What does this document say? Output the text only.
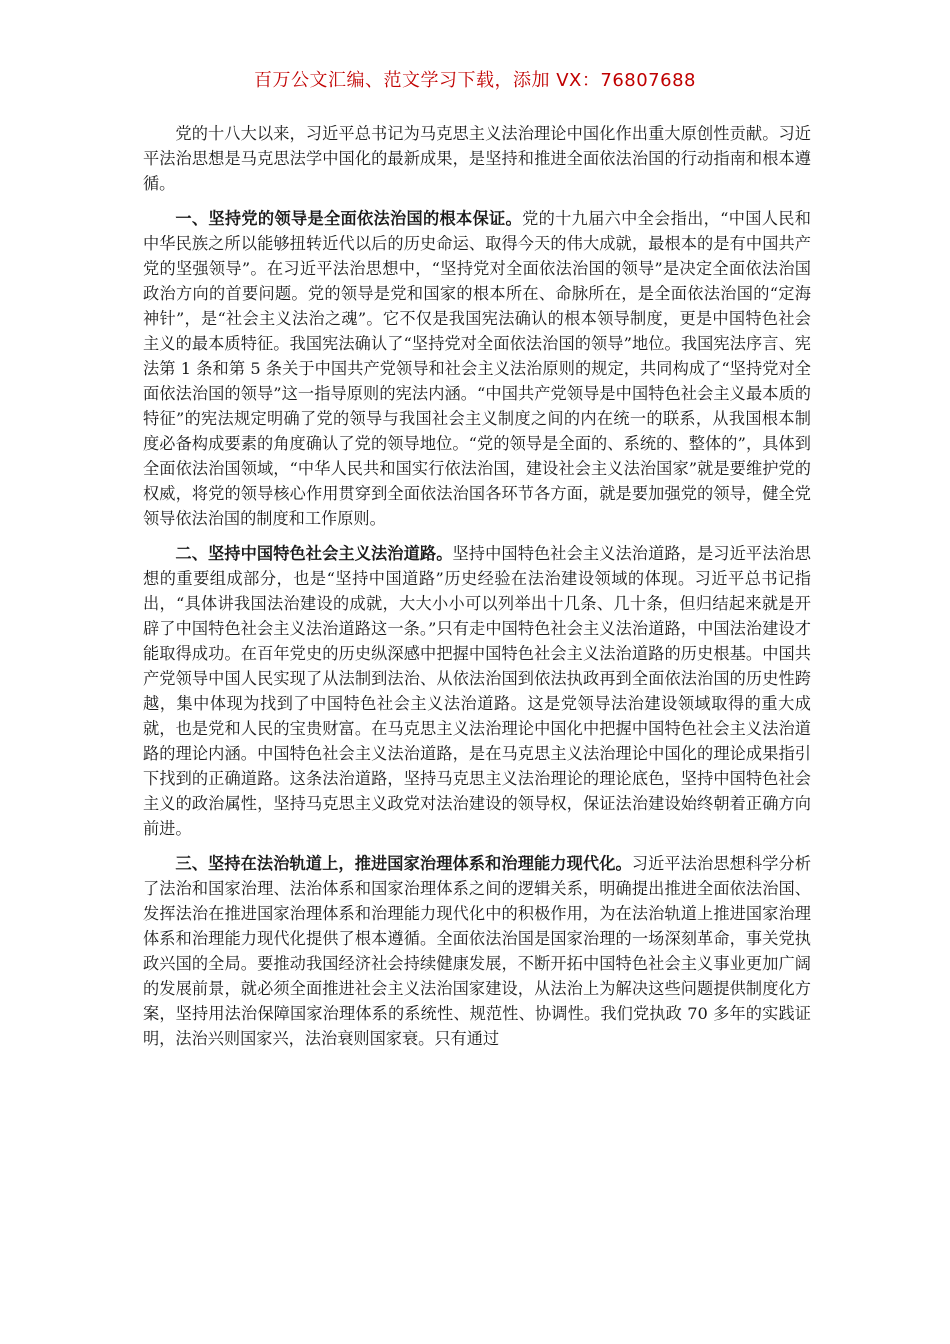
百万公文汇编、范文学习下载，添加 VX：76807688

党的十八大以来，习近平总书记为马克思主义法治理论中国化作出重大原创性贡献。习近平法治思想是马克思法学中国化的最新成果，是坚持和推进全面依法治国的行动指南和根本遵循。

一、坚持党的领导是全面依法治国的根本保证。党的十九届六中全会指出，“中国人民和中华民族之所以能够扭转近代以后的历史命运、取得今天的伟大成就，最根本的是有中国共产党的坚强领导”。在习近平法治思想中，“坚持党对全面依法治国的领导”是决定全面依法治国政治方向的首要问题。党的领导是党和国家的根本所在、命脉所在，是全面依法治国的“定海神针”，是“社会主义法治之魂”。它不仅是我国宪法确认的根本领导制度，更是中国特色社会主义的最本质特征。我国宪法确认了“坚持党对全面依法治国的领导”地位。我国宪法序言、宪法第 1 条和第 5 条关于中国共产党领导和社会主义法治原则的规定，共同构成了“坚持党对全面依法治国的领导”这一指导原则的宪法内涵。“中国共产党领导是中国特色社会主义最本质的特征”的宪法规定明确了党的领导与我国社会主义制度之间的内在统一的联系，从我国根本制度必备构成要素的角度确认了党的领导地位。“党的领导是全面的、系统的、整体的”，具体到全面依法治国领域，“中华人民共和国实行依法治国，建设社会主义法治国家”就是要维护党的权威，将党的领导核心作用贯穿到全面依法治国各环节各方面，就是要加强党的领导，健全党领导依法治国的制度和工作原则。

二、坚持中国特色社会主义法治道路。坚持中国特色社会主义法治道路，是习近平法治思想的重要组成部分，也是“坚持中国道路”历史经验在法治建设领域的体现。习近平总书记指出，“具体讲我国法治建设的成就，大大小小可以列举出十几条、几十条，但归结起来就是开辟了中国特色社会主义法治道路这一条。”只有走中国特色社会主义法治道路，中国法治建设才能取得成功。在百年党史的历史纵深感中把握中国特色社会主义法治道路的历史根基。中国共产党领导中国人民实现了从法制到法治、从依法治国到依法执政再到全面依法治国的历史性跨越，集中体现为找到了中国特色社会主义法治道路。这是党领导法治建设领域取得的重大成就，也是党和人民的宝贵财富。在马克思主义法治理论中国化中把握中国特色社会主义法治道路的理论内涵。中国特色社会主义法治道路，是在马克思主义法治理论中国化的理论成果指引下找到的正确道路。这条法治道路，坚持马克思主义法治理论的理论底色，坚持中国特色社会主义的政治属性，坚持马克思主义政党对法治建设的领导权，保证法治建设始终朝着正确方向前进。

三、坚持在法治轨道上，推进国家治理体系和治理能力现代化。习近平法治思想科学分析了法治和国家治理、法治体系和国家治理体系之间的逻辑关系，明确提出推进全面依法治国、发挥法治在推进国家治理体系和治理能力现代化中的积极作用，为在法治轨道上推进国家治理体系和治理能力现代化提供了根本遵循。全面依法治国是国家治理的一场深刻革命，事关党执政兴国的全局。要推动我国经济社会持续健康发展，不断开拓中国特色社会主义事业更加广阔的发展前景，就必须全面推进社会主义法治国家建设，从法治上为解决这些问题提供制度化方案，坚持用法治保障国家治理体系的系统性、规范性、协调性。我们党执政 70 多年的实践证明，法治兴则国家兴，法治衰则国家衰。只有通过
